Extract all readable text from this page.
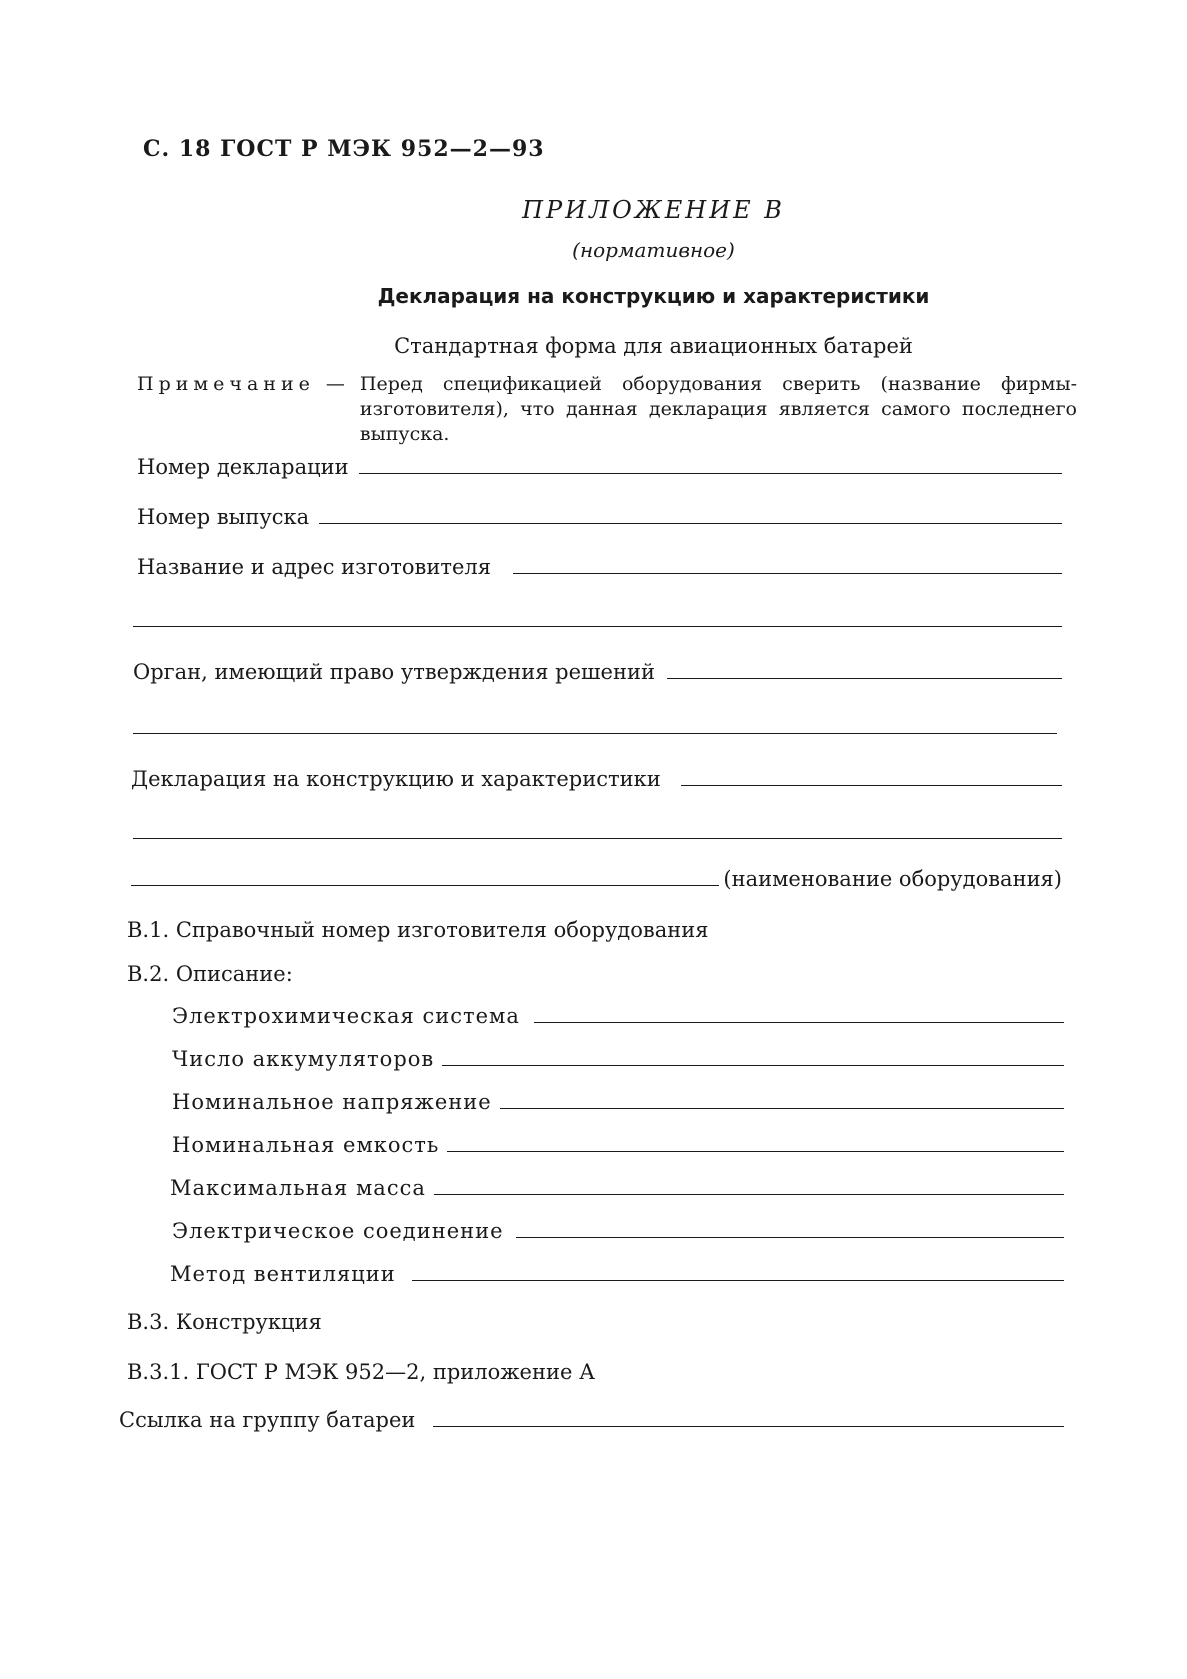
С. 18 ГОСТ Р МЭК 952—2—93
ПРИЛОЖЕНИЕ В
(нормативное)
Декларация на конструкцию и характеристики
Стандартная форма для авиационных батарей
Примечание — Перед спецификацией оборудования сверить (название фирмы-изготовителя), что данная декларация является самого последнего выпуска.
Номер декларации
Номер выпуска
Название и адрес изготовителя
Орган, имеющий право утверждения решений
Декларация на конструкцию и характеристики
(наименование оборудования)
В.1. Справочный номер изготовителя оборудования
В.2. Описание:
Электрохимическая система
Число аккумуляторов
Номинальное напряжение
Номинальная емкость
Максимальная масса
Электрическое соединение
Метод вентиляции
В.3. Конструкция
В.3.1. ГОСТ Р МЭК 952—2, приложение А
Ссылка на группу батареи
